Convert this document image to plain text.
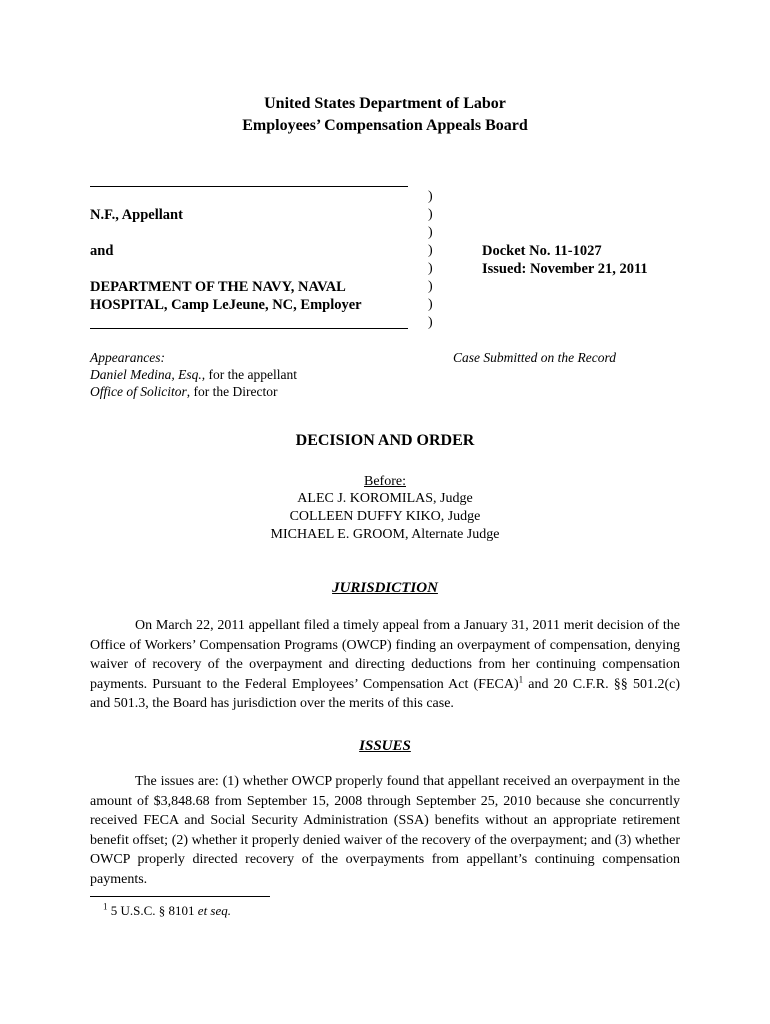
United States Department of Labor
Employees’ Compensation Appeals Board
N.F., Appellant
and
DEPARTMENT OF THE NAVY, NAVAL
HOSPITAL, Camp LeJeune, NC, Employer
)
)
)
)
)
)
)
)
Docket No. 11-1027
Issued: November 21, 2011
Appearances:
Daniel Medina, Esq., for the appellant
Office of Solicitor, for the Director
Case Submitted on the Record
DECISION AND ORDER
Before:
ALEC J. KOROMILAS, Judge
COLLEEN DUFFY KIKO, Judge
MICHAEL E. GROOM, Alternate Judge
JURISDICTION

On March 22, 2011 appellant filed a timely appeal from a January 31, 2011 merit decision of the Office of Workers’ Compensation Programs (OWCP) finding an overpayment of compensation, denying waiver of recovery of the overpayment and directing deductions from her continuing compensation payments. Pursuant to the Federal Employees’ Compensation Act (FECA)$^1$ and 20 C.F.R. §§ 501.2(c) and 501.3, the Board has jurisdiction over the merits of this case.

ISSUES

The issues are: (1) whether OWCP properly found that appellant received an overpayment in the amount of $3,848.68 from September 15, 2008 through September 25, 2010 because she concurrently received FECA and Social Security Administration (SSA) benefits without an appropriate retirement benefit offset; (2) whether it properly denied waiver of the recovery of the overpayment; and (3) whether OWCP properly directed recovery of the overpayments from appellant’s continuing compensation payments.

$^1$ 5 U.S.C. § 8101 et seq.
